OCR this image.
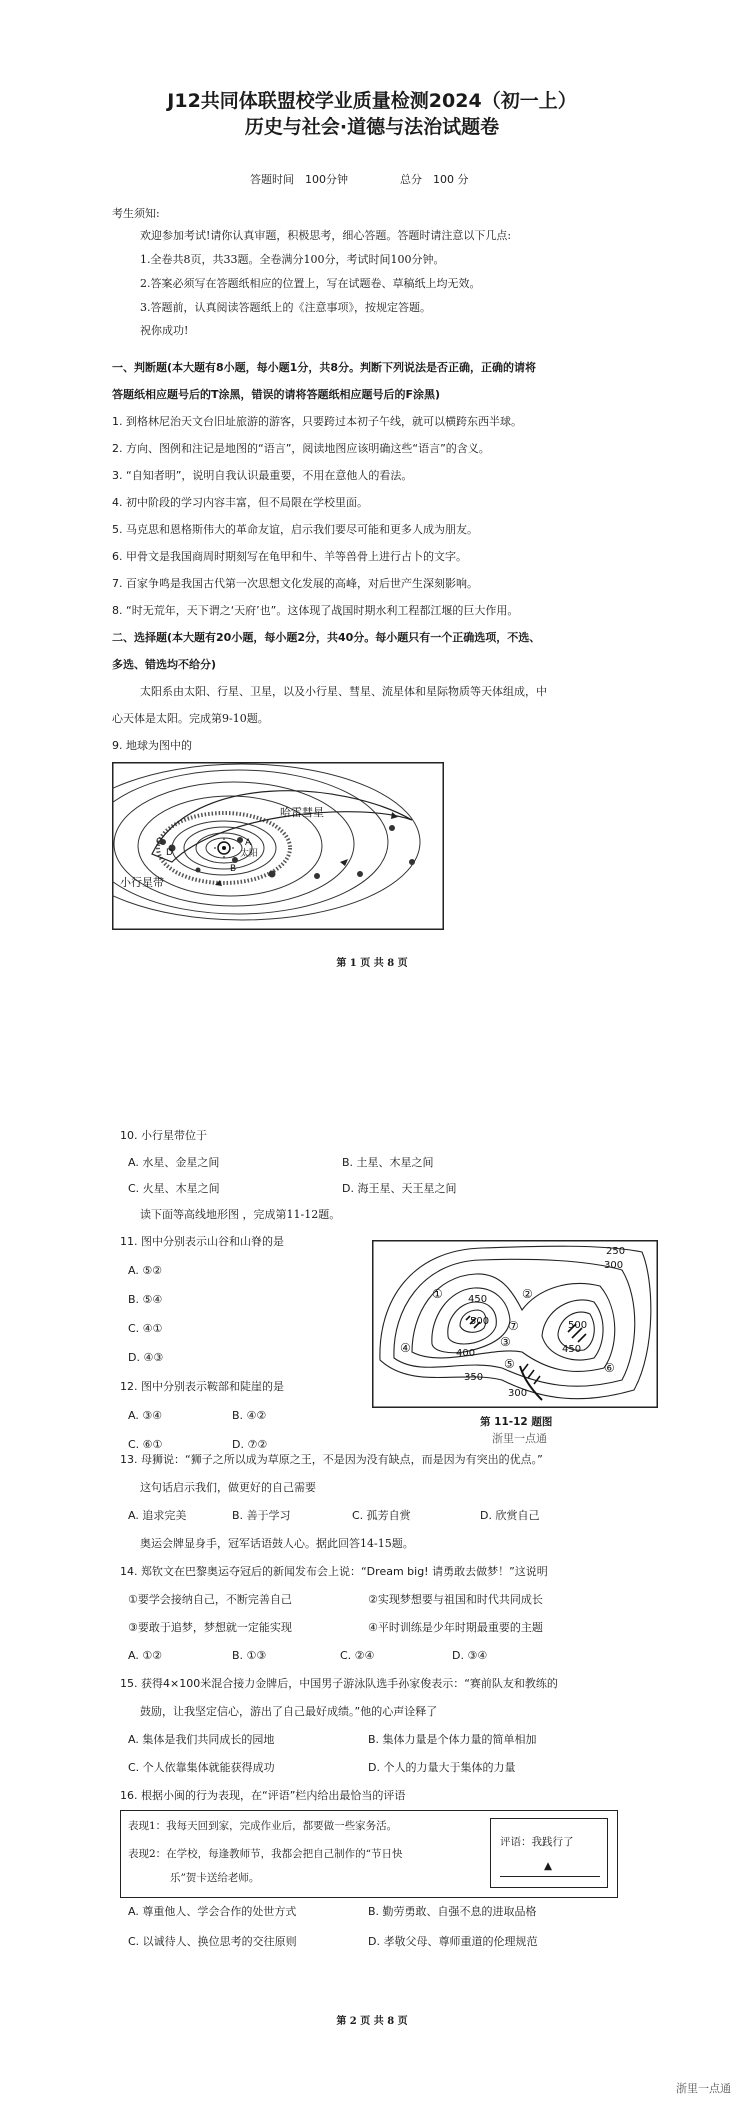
J12共同体联盟校学业质量检测2024（初一上）
历史与社会·道德与法治试题卷
答题时间　100分钟	总分　100 分
考生须知:
欢迎参加考试!请你认真审题，积极思考，细心答题。答题时请注意以下几点:
1.全卷共8页，共33题。全卷满分100分，考试时间100分钟。
2.答案必须写在答题纸相应的位置上，写在试题卷、草稿纸上均无效。
3.答题前，认真阅读答题纸上的《注意事项》，按规定答题。
祝你成功!
一、判断题(本大题有8小题，每小题1分，共8分。判断下列说法是否正确，正确的请将
答题纸相应题号后的T涂黑，错误的请将答题纸相应题号后的F涂黑)
1. 到格林尼治天文台旧址旅游的游客，只要跨过本初子午线，就可以横跨东西半球。
2. 方向、图例和注记是地图的“语言”，阅读地图应该明确这些“语言”的含义。
3. “自知者明”，说明自我认识最重要，不用在意他人的看法。
4. 初中阶段的学习内容丰富，但不局限在学校里面。
5. 马克思和恩格斯伟大的革命友谊，启示我们要尽可能和更多人成为朋友。
6. 甲骨文是我国商周时期刻写在龟甲和牛、羊等兽骨上进行占卜的文字。
7. 百家争鸣是我国古代第一次思想文化发展的高峰，对后世产生深刻影响。
8. “时无荒年，天下谓之‘天府’也”。这体现了战国时期水利工程都江堰的巨大作用。
二、选择题(本大题有20小题，每小题2分，共40分。每小题只有一个正确选项，不选、
多选、错选均不给分)
太阳系由太阳、行星、卫星，以及小行星、彗星、流星体和星际物质等天体组成，中
心天体是太阳。完成第9-10题。
9. 地球为图中的
哈雷彗星
A
B
C
D	太阳
小行星带
第 1 页 共 8 页
10. 小行星带位于
A. 水星、金星之间	B. 土星、木星之间
C. 火星、木星之间	D. 海王星、天王星之间
读下面等高线地形图 ，完成第11-12题。
11. 图中分别表示山谷和山脊的是
A. ⑤②
B. ⑤④
C. ④①
D. ④③
12. 图中分别表示鞍部和陡崖的是
A. ③④	B. ④②
C. ⑥①	D. ⑦②
250
300
450
500
400
500
450
350
300
①	②
⑦
③
④
⑤	⑥
第 11-12 题图
浙里一点通
13. 母狮说：“狮子之所以成为草原之王，不是因为没有缺点，而是因为有突出的优点。”
这句话启示我们，做更好的自己需要
A. 追求完美	B. 善于学习	C. 孤芳自赏	D. 欣赏自己
奥运会牌显身手，冠军话语鼓人心。据此回答14-15题。
14. 郑钦文在巴黎奥运夺冠后的新闻发布会上说：“Dream big! 请勇敢去做梦！”这说明
①要学会接纳自己，不断完善自己	②实现梦想要与祖国和时代共同成长
③要敢于追梦，梦想就一定能实现	④平时训练是少年时期最重要的主题
A. ①②	B. ①③	C. ②④	D. ③④
15. 获得4×100米混合接力金牌后，中国男子游泳队选手孙家俊表示：“赛前队友和教练的
鼓励，让我坚定信心，游出了自己最好成绩。”他的心声诠释了
A. 集体是我们共同成长的园地	B. 集体力量是个体力量的简单相加
C. 个人依靠集体就能获得成功	D. 个人的力量大于集体的力量
16. 根据小闽的行为表现，在“评语”栏内给出最恰当的评语
表现1：我每天回到家，完成作业后，都要做一些家务活。
表现2：在学校，每逢教师节，我都会把自己制作的“节日快
乐”贺卡送给老师。
评语：我践行了
▲
A. 尊重他人、学会合作的处世方式	B. 勤劳勇敢、自强不息的进取品格
C. 以诚待人、换位思考的交往原则	D. 孝敬父母、尊师重道的伦理规范
第 2 页 共 8 页
浙里一点通
